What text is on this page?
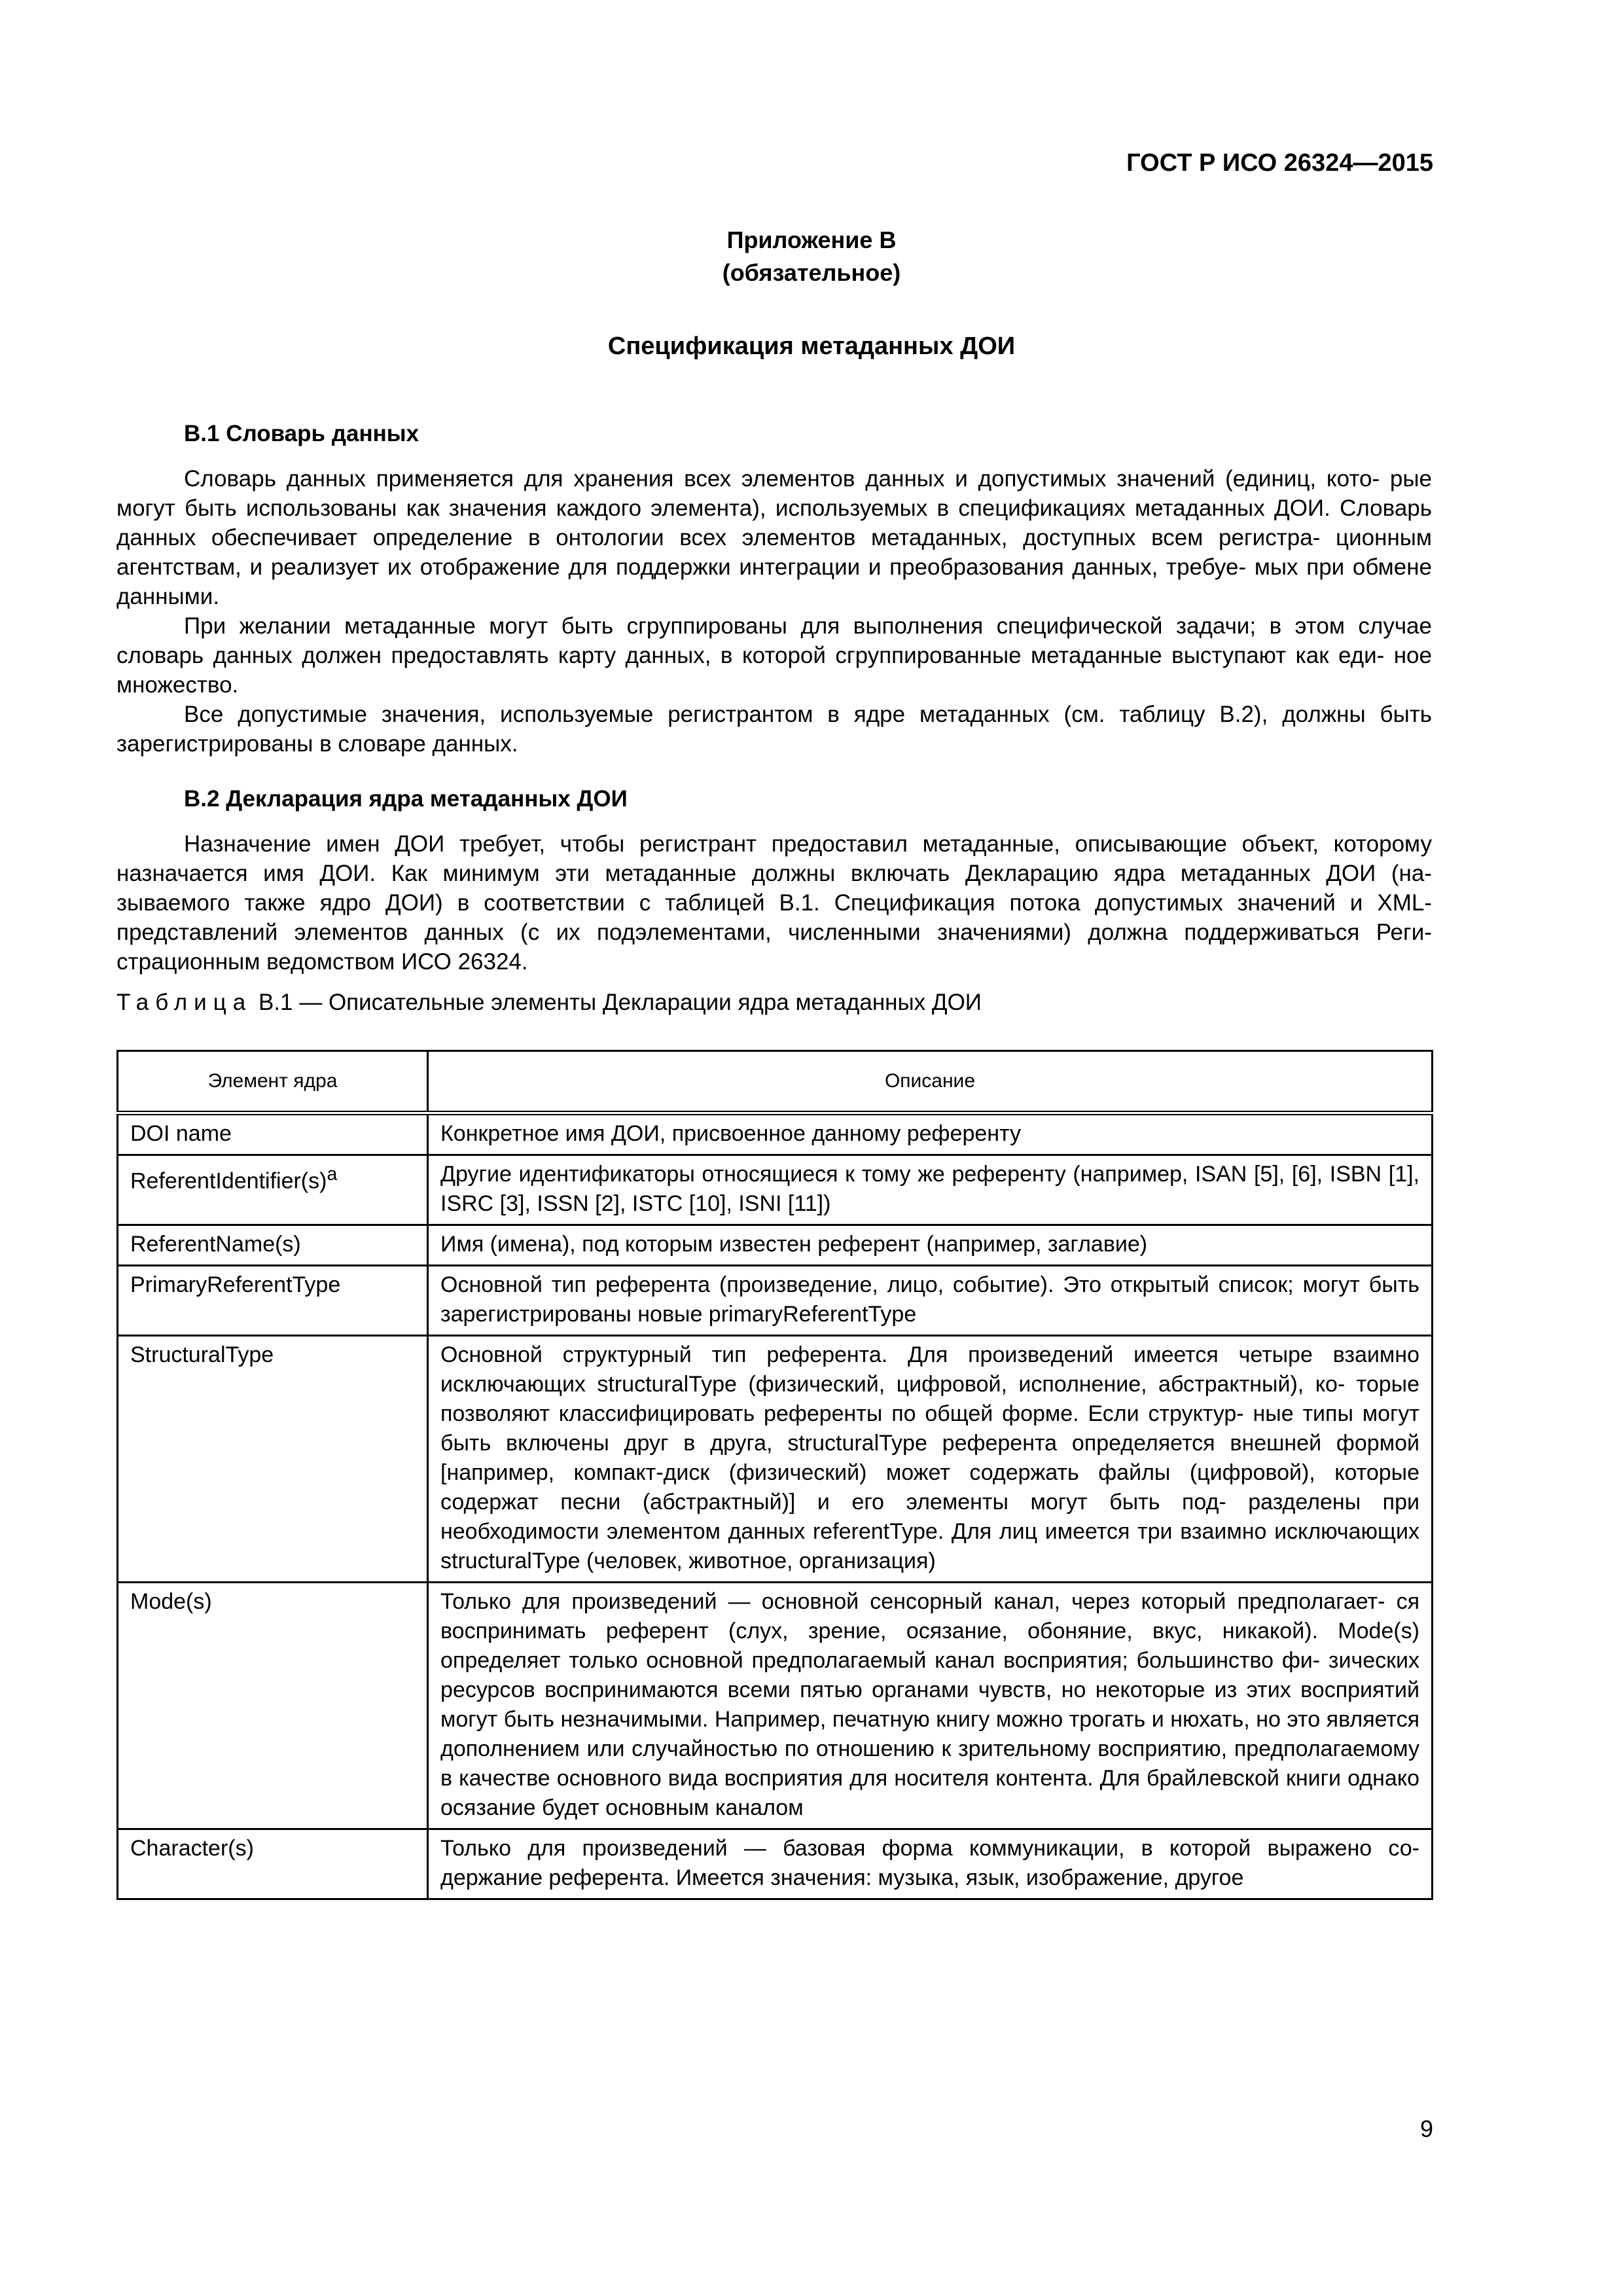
ГОСТ Р ИСО 26324—2015
Приложение В
(обязательное)
Спецификация метаданных ДОИ

В.1 Словарь данных

Словарь данных применяется для хранения всех элементов данных и допустимых значений (единиц, кото- рые могут быть использованы как значения каждого элемента), используемых в спецификациях метаданных ДОИ. Словарь данных обеспечивает определение в онтологии всех элементов метаданных, доступных всем регистра- ционным агентствам, и реализует их отображение для поддержки интеграции и преобразования данных, требуе- мых при обмене данными.

При желании метаданные могут быть сгруппированы для выполнения специфической задачи; в этом случае словарь данных должен предоставлять карту данных, в которой сгруппированные метаданные выступают как еди- ное множество.

Все допустимые значения, используемые регистрантом в ядре метаданных (см. таблицу В.2), должны быть зарегистрированы в словаре данных.

В.2 Декларация ядра метаданных ДОИ

Назначение имен ДОИ требует, чтобы регистрант предоставил метаданные, описывающие объект, которому назначается имя ДОИ. Как минимум эти метаданные должны включать Декларацию ядра метаданных ДОИ (на- зываемого также ядро ДОИ) в соответствии с таблицей В.1. Спецификация потока допустимых значений и XML- представлений элементов данных (с их подэлементами, численными значениями) должна поддерживаться Реги- страционным ведомством ИСО 26324.

Таблица В.1 — Описательные элементы Декларации ядра метаданных ДОИ
Элемент ядра	Описание
DOI name	Конкретное имя ДОИ, присвоенное данному референту
$ReferentIdentifier(s)^a$	Другие идентификаторы относящиеся к тому же референту (например, ISAN [5], [6], ISBN [1], ISRC [3], ISSN [2], ISTC [10], ISNI [11])
ReferentName(s)	Имя (имена), под которым известен референт (например, заглавие)
PrimaryReferentType	Основной тип референта (произведение, лицо, событие). Это открытый список; могут быть зарегистрированы новые primaryReferentType
StructuralType	Основной структурный тип референта. Для произведений имеется четыре взаимно исключающих structuralType (физический, цифровой, исполнение, абстрактный), ко- торые позволяют классифицировать референты по общей форме. Если структур- ные типы могут быть включены друг в друга, structuralType референта определяется внешней формой [например, компакт-диск (физический) может содержать файлы (цифровой), которые содержат песни (абстрактный)] и его элементы могут быть под- разделены при необходимости элементом данных referentType. Для лиц имеется три взаимно исключающих structuralType (человек, животное, организация)
Mode(s)	Только для произведений — основной сенсорный канал, через который предполагает- ся воспринимать референт (слух, зрение, осязание, обоняние, вкус, никакой). Mode(s) определяет только основной предполагаемый канал восприятия; большинство фи- зических ресурсов воспринимаются всеми пятью органами чувств, но некоторые из этих восприятий могут быть незначимыми. Например, печатную книгу можно трогать и нюхать, но это является дополнением или случайностью по отношению к зрительному восприятию, предполагаемому в качестве основного вида восприятия для носителя контента. Для брайлевской книги однако осязание будет основным каналом
Character(s)	Только для произведений — базовая форма коммуникации, в которой выражено со- держание референта. Имеется значения: музыка, язык, изображение, другое
9
